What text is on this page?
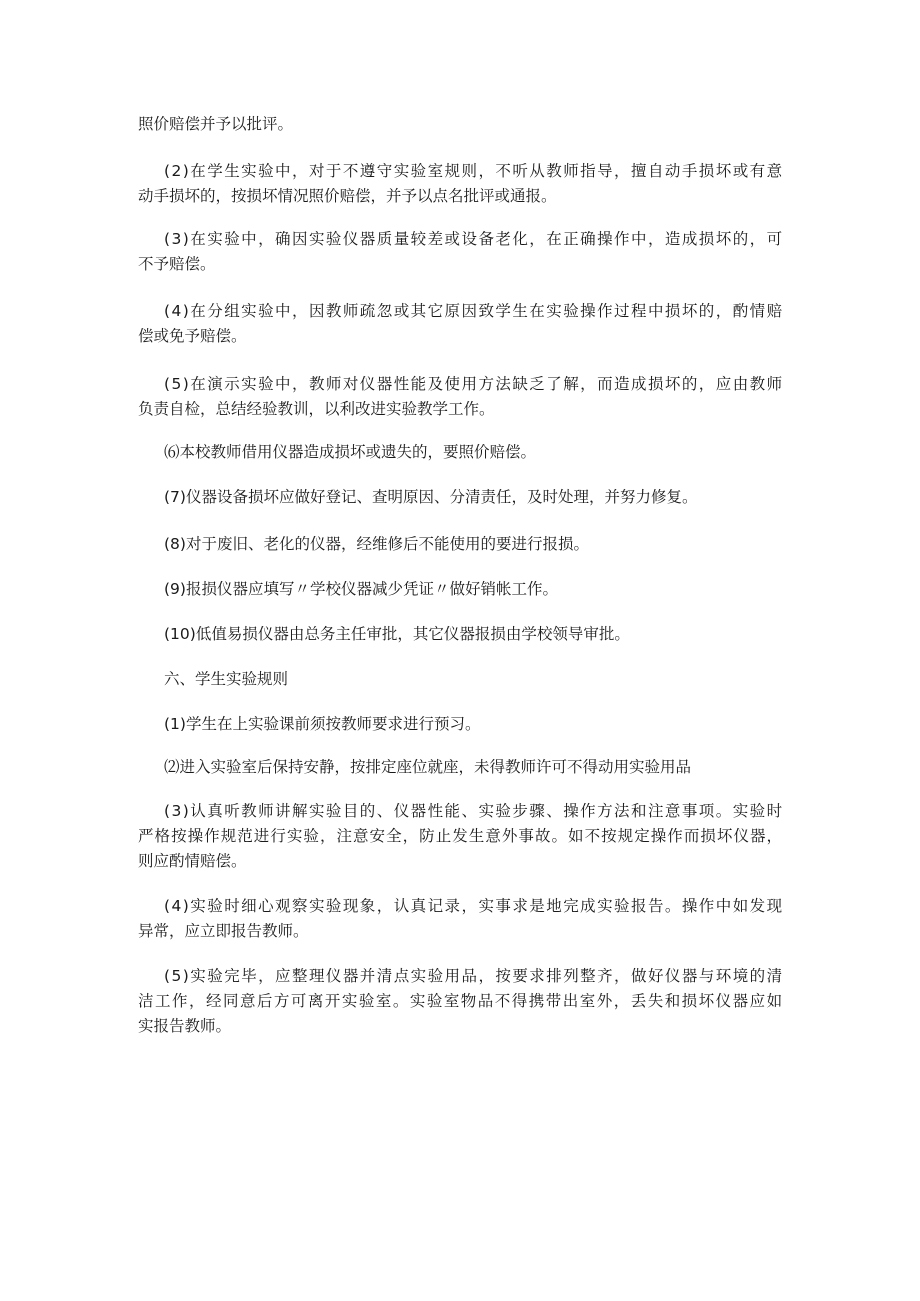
照价赔偿并予以批评。
(2)在学生实验中，对于不遵守实验室规则，不听从教师指导，擅自动手损坏或有意
动手损坏的，按损坏情况照价赔偿，并予以点名批评或通报。
(3)在实验中，确因实验仪器质量较差或设备老化，在正确操作中，造成损坏的，可
不予赔偿。
(4)在分组实验中，因教师疏忽或其它原因致学生在实验操作过程中损坏的，酌情赔
偿或免予赔偿。
(5)在演示实验中，教师对仪器性能及使用方法缺乏了解，而造成损坏的，应由教师
负责自检，总结经验教训，以利改进实验教学工作。
⑹本校教师借用仪器造成损坏或遗失的，要照价赔偿。
(7)仪器设备损坏应做好登记、查明原因、分清责任，及时处理，并努力修复。
(8)对于废旧、老化的仪器，经维修后不能使用的要进行报损。
(9)报损仪器应填写〃学校仪器减少凭证〃做好销帐工作。
(10)低值易损仪器由总务主任审批，其它仪器报损由学校领导审批。
六、学生实验规则
(1)学生在上实验课前须按教师要求进行预习。
⑵进入实验室后保持安静，按排定座位就座，未得教师许可不得动用实验用品
(3)认真听教师讲解实验目的、仪器性能、实验步骤、操作方法和注意事项。实验时
严格按操作规范进行实验，注意安全，防止发生意外事故。如不按规定操作而损坏仪器，
则应酌情赔偿。
(4)实验时细心观察实验现象，认真记录，实事求是地完成实验报告。操作中如发现
异常，应立即报告教师。
(5)实验完毕，应整理仪器并清点实验用品，按要求排列整齐，做好仪器与环境的清
洁工作，经同意后方可离开实验室。实验室物品不得携带出室外，丢失和损坏仪器应如
实报告教师。
